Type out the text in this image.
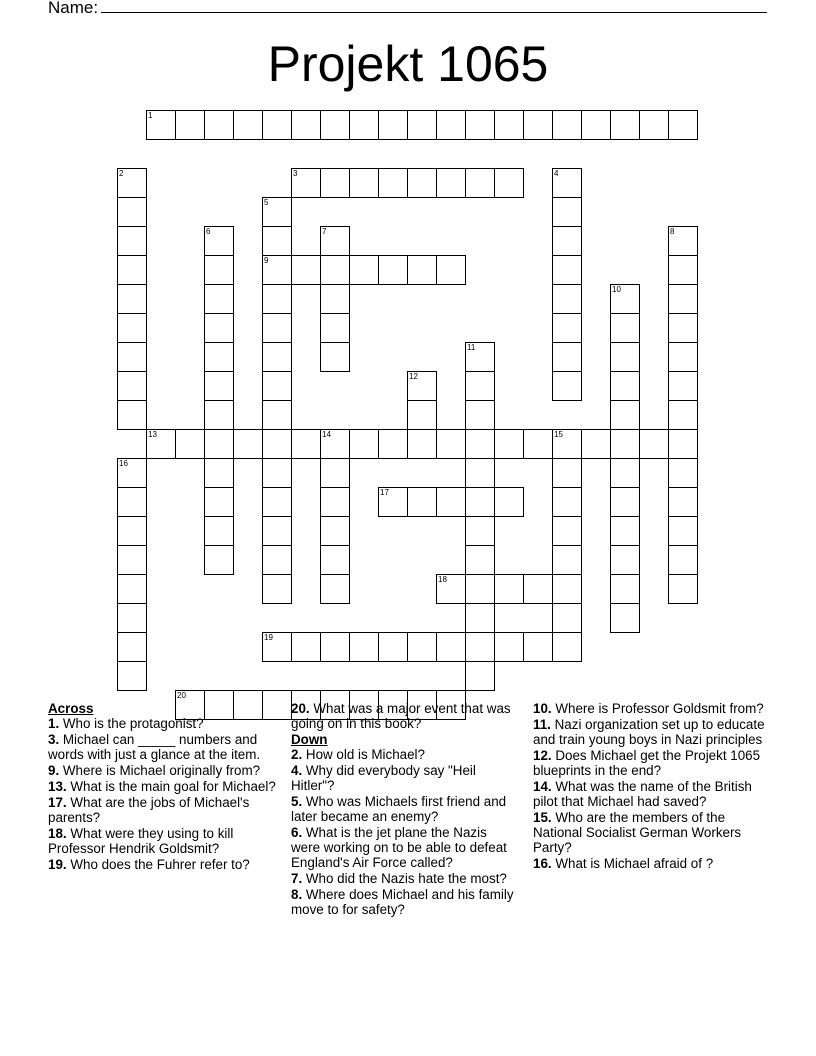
Name:
Projekt 1065
1
3
9
13	14	15
17
18
19
20
2	4
5
6	7	8
10
11
12
16
Across
1. Who is the protagonist?
3. Michael can _____ numbers and words with just a glance at the item.
9. Where is Michael originally from?
13. What is the main goal for Michael?
17. What are the jobs of Michael's parents?
18. What were they using to kill Professor Hendrik Goldsmit?
19. Who does the Fuhrer refer to?
20. What was a major event that was going on in this book?
Down
2. How old is Michael?
4. Why did everybody say "Heil Hitler"?
5. Who was Michaels first friend and later became an enemy?
6. What is the jet plane the Nazis were working on to be able to defeat England's Air Force called?
7. Who did the Nazis hate the most?
8. Where does Michael and his family move to for safety?
10. Where is Professor Goldsmit from?
11. Nazi organization set up to educate and train young boys in Nazi principles
12. Does Michael get the Projekt 1065 blueprints in the end?
14. What was the name of the British pilot that Michael had saved?
15. Who are the members of the National Socialist German Workers Party?
16. What is Michael afraid of ?
